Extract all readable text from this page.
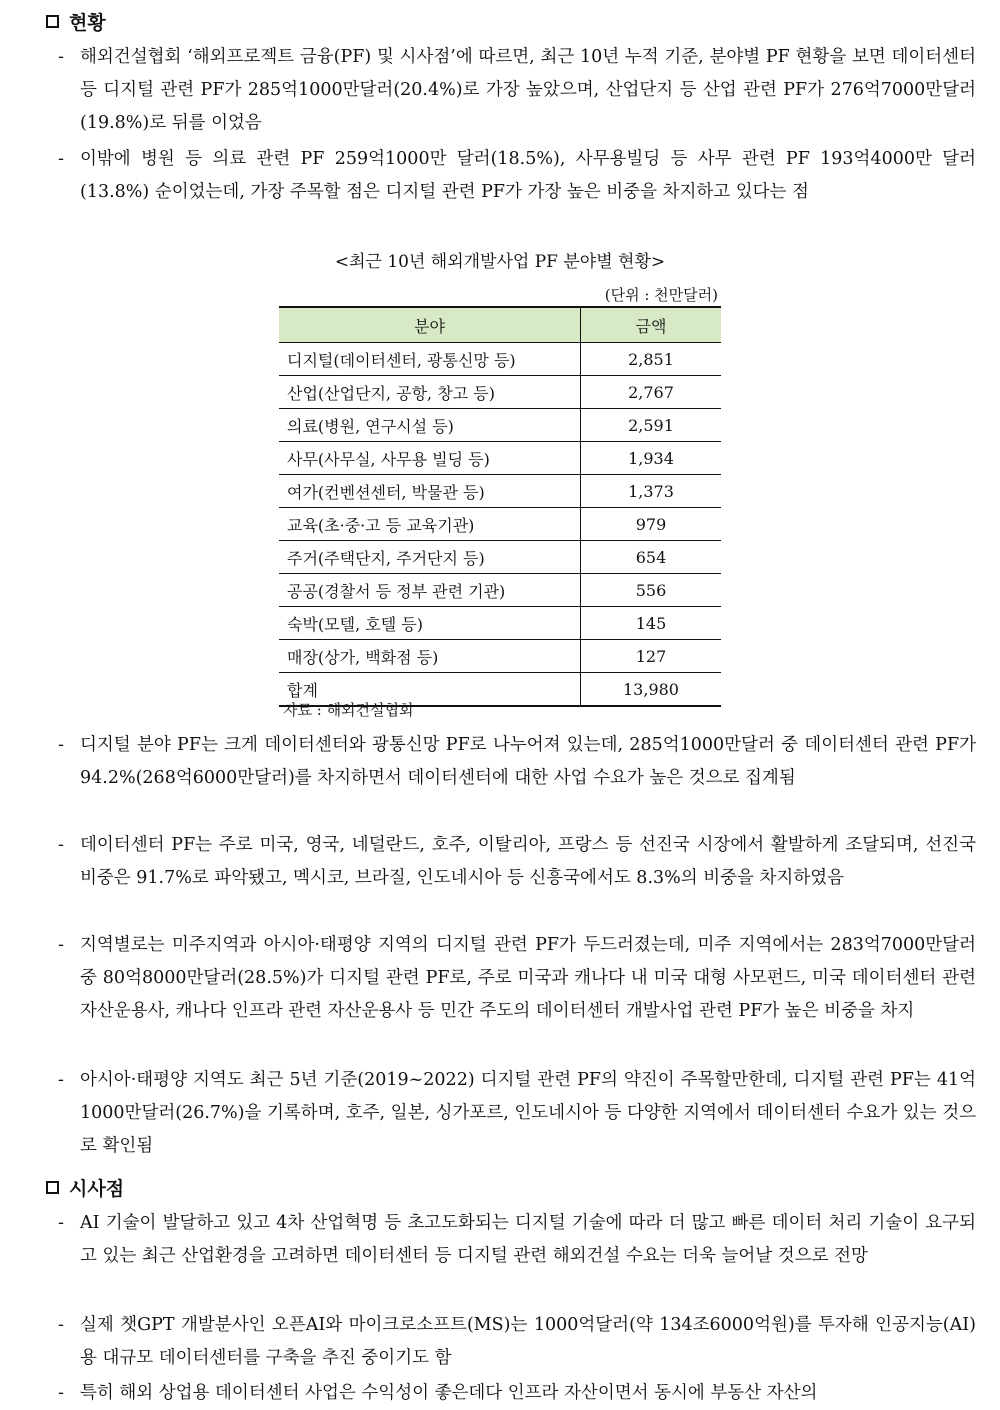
현황
- 해외건설협회 ‘해외프로젝트 금융(PF) 및 시사점’에 따르면, 최근 10년 누적 기준, 분야별 PF 현황을 보면 데이터센터 등 디지털 관련 PF가 285억1000만달러(20.4%)로 가장 높았으며, 산업단지 등 산업 관련 PF가 276억7000만달러(19.8%)로 뒤를 이었음
- 이밖에 병원 등 의료 관련 PF 259억1000만 달러(18.5%), 사무용빌딩 등 사무 관련 PF 193억4000만 달러(13.8%) 순이었는데, 가장 주목할 점은 디지털 관련 PF가 가장 높은 비중을 차지하고 있다는 점
<최근 10년 해외개발사업 PF 분야별 현황>
(단위 : 천만달러)
분야	금액
디지털(데이터센터, 광통신망 등)	2,851
산업(산업단지, 공항, 창고 등)	2,767
의료(병원, 연구시설 등)	2,591
사무(사무실, 사무용 빌딩 등)	1,934
여가(컨벤션센터, 박물관 등)	1,373
교육(초·중·고 등 교육기관)	979
주거(주택단지, 주거단지 등)	654
공공(경찰서 등 정부 관련 기관)	556
숙박(모텔, 호텔 등)	145
매장(상가, 백화점 등)	127
합계	13,980
자료 : 해외건설협회
- 디지털 분야 PF는 크게 데이터센터와 광통신망 PF로 나누어져 있는데, 285억1000만달러 중 데이터센터 관련 PF가 94.2%(268억6000만달러)를 차지하면서 데이터센터에 대한 사업 수요가 높은 것으로 집계됨
- 데이터센터 PF는 주로 미국, 영국, 네덜란드, 호주, 이탈리아, 프랑스 등 선진국 시장에서 활발하게 조달되며, 선진국 비중은 91.7%로 파악됐고, 멕시코, 브라질, 인도네시아 등 신흥국에서도 8.3%의 비중을 차지하였음
- 지역별로는 미주지역과 아시아·태평양 지역의 디지털 관련 PF가 두드러졌는데, 미주 지역에서는 283억7000만달러 중 80억8000만달러(28.5%)가 디지털 관련 PF로, 주로 미국과 캐나다 내 미국 대형 사모펀드, 미국 데이터센터 관련 자산운용사, 캐나다 인프라 관련 자산운용사 등 민간 주도의 데이터센터 개발사업 관련 PF가 높은 비중을 차지
- 아시아·태평양 지역도 최근 5년 기준(2019~2022) 디지털 관련 PF의 약진이 주목할만한데, 디지털 관련 PF는 41억1000만달러(26.7%)을 기록하며, 호주, 일본, 싱가포르, 인도네시아 등 다양한 지역에서 데이터센터 수요가 있는 것으로 확인됨
시사점
- AI 기술이 발달하고 있고 4차 산업혁명 등 초고도화되는 디지털 기술에 따라 더 많고 빠른 데이터 처리 기술이 요구되고 있는 최근 산업환경을 고려하면 데이터센터 등 디지털 관련 해외건설 수요는 더욱 늘어날 것으로 전망
- 실제 챗GPT 개발분사인 오픈AI와 마이크로소프트(MS)는 1000억달러(약 134조6000억원)를 투자해 인공지능(AI)용 대규모 데이터센터를 구축을 추진 중이기도 함
- 특히 해외 상업용 데이터센터 사업은 수익성이 좋은데다 인프라 자산이면서 동시에 부동산 자산의
